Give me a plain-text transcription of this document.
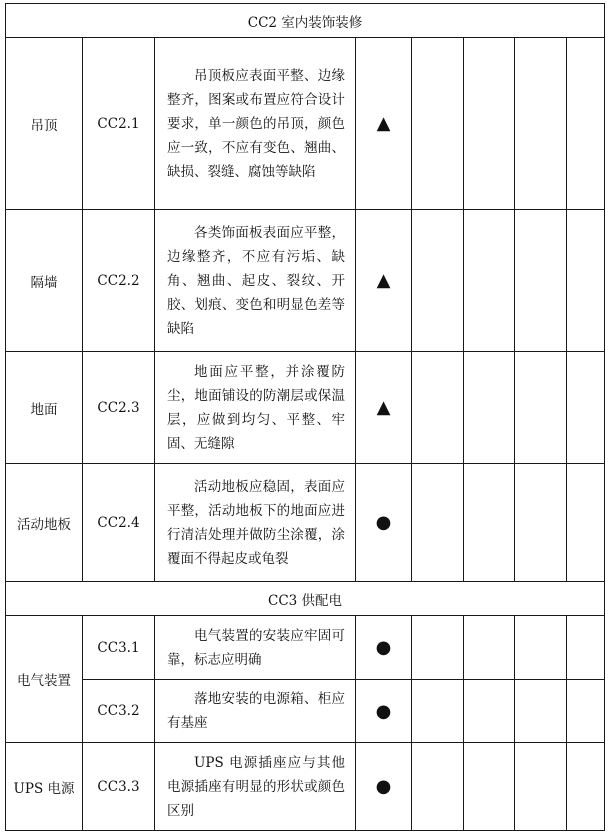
CC2 室内装饰装修							
吊顶	CC2.1	吊顶板应表面平整、边缘整齐，图案或布置应符合设计要求，单一颜色的吊顶，颜色应一致，不应有变色、翘曲、缺损、裂缝、腐蚀等缺陷	▲				
隔墙	CC2.2	各类饰面板表面应平整，边缘整齐，不应有污垢、缺角、翘曲、起皮、裂纹、开胶、划痕、变色和明显色差等缺陷	▲				
地面	CC2.3	地面应平整，并涂覆防尘，地面铺设的防潮层或保温层，应做到均匀、平整、牢固、无缝隙	▲				
活动地板	CC2.4	活动地板应稳固，表面应平整，活动地板下的地面应进行清洁处理并做防尘涂覆，涂覆面不得起皮或龟裂	●				
CC3 供配电							
电气装置	CC3.1	电气装置的安装应牢固可靠，标志应明确	●				
	CC3.2	落地安装的电源箱、柜应有基座	●				
UPS 电源	CC3.3	UPS 电源插座应与其他电源插座有明显的形状或颜色区别	●				
